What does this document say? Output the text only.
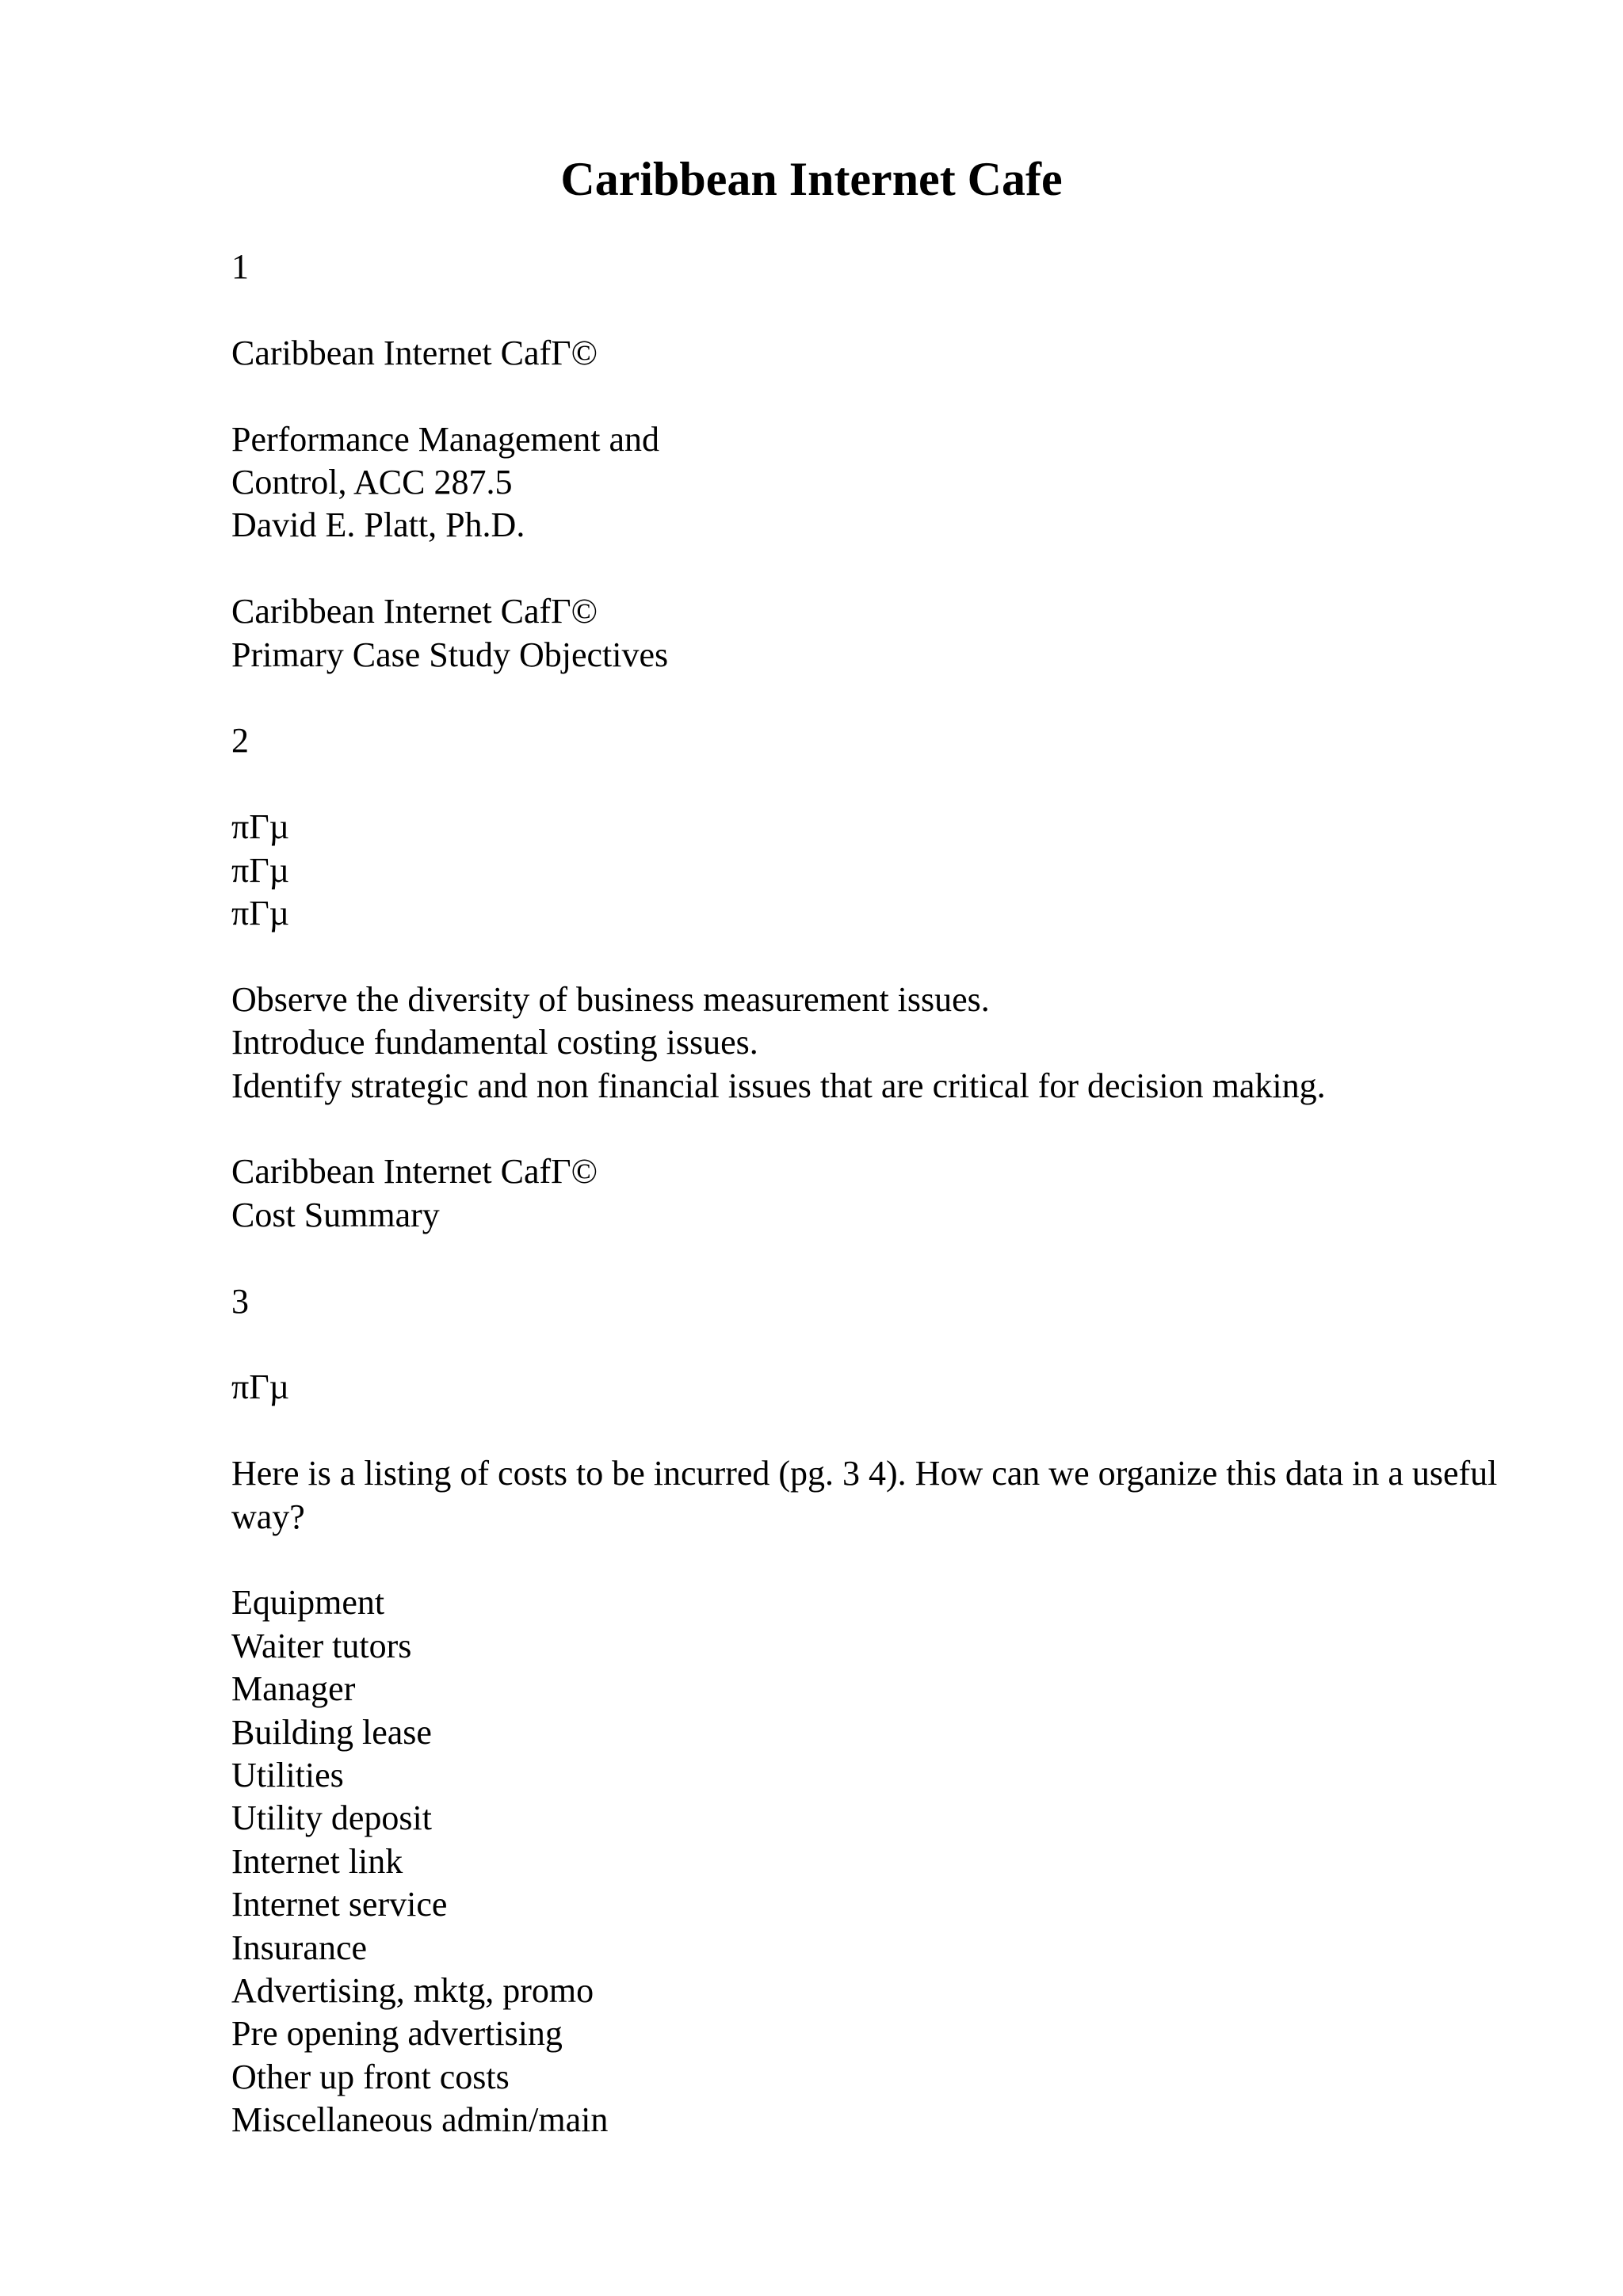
Caribbean Internet Cafe
1
Caribbean Internet CafΓ©
Performance Management and
Control, ACC 287.5
David E. Platt, Ph.D.
Caribbean Internet CafΓ©
Primary Case Study Objectives
2
πΓµ
πΓµ
πΓµ
Observe the diversity of business measurement issues.
Introduce fundamental costing issues.
Identify strategic and non financial issues that are critical for decision making.
Caribbean Internet CafΓ©
Cost Summary
3
πΓµ
Here is a listing of costs to be incurred (pg. 3 4). How can we organize this data in a useful way?
Equipment
Waiter tutors
Manager
Building lease
Utilities
Utility deposit
Internet link
Internet service
Insurance
Advertising, mktg, promo
Pre opening advertising
Other up front costs
Miscellaneous admin/main
